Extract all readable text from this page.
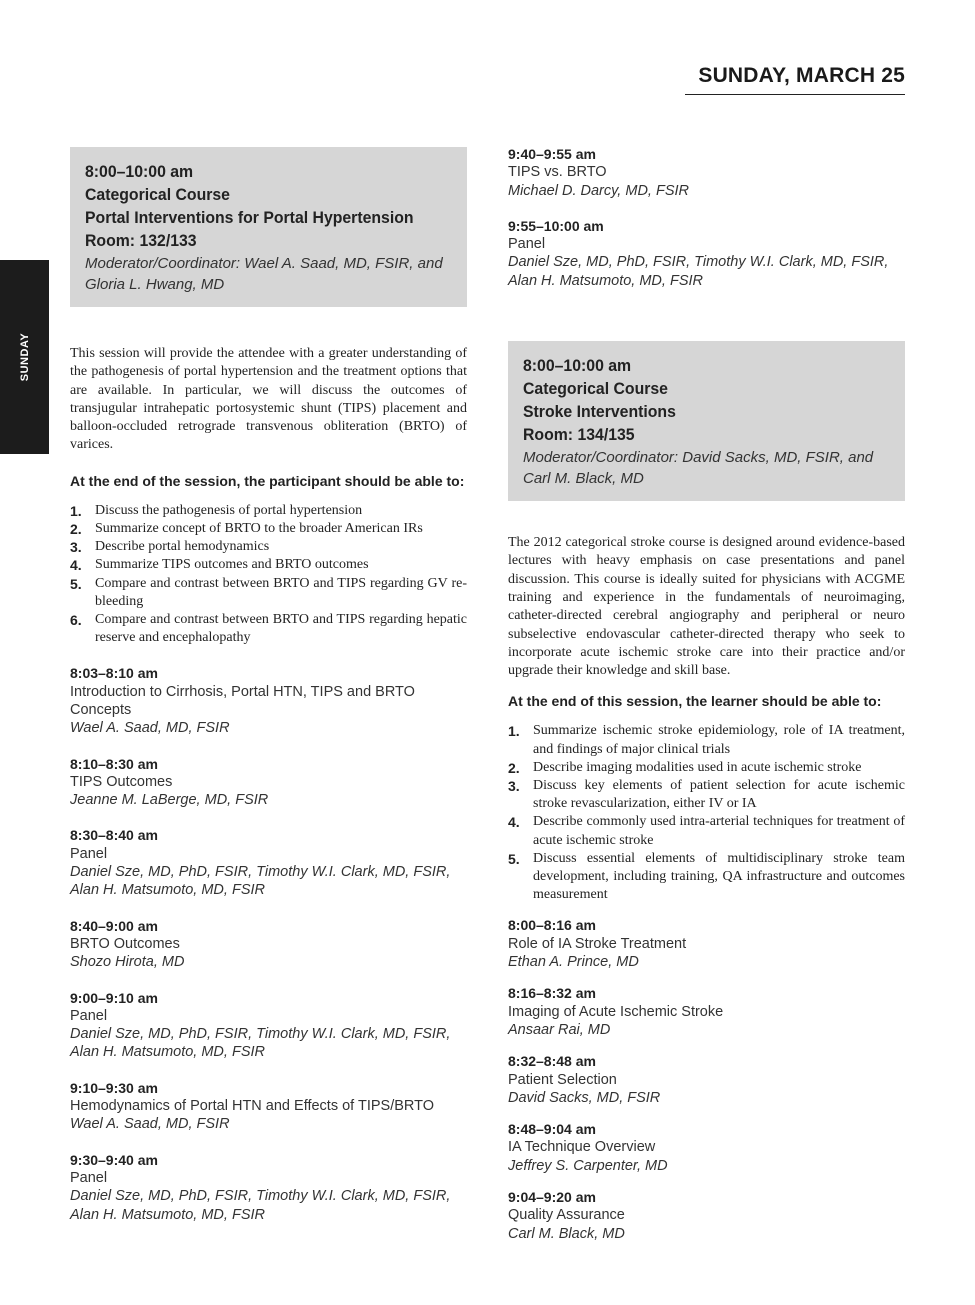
SUNDAY, MARCH 25
SUNDAY
8:00–10:00 am
Categorical Course
Portal Interventions for Portal Hypertension
Room: 132/133
Moderator/Coordinator: Wael A. Saad, MD, FSIR, and Gloria L. Hwang, MD
This session will provide the attendee with a greater understanding of the pathogenesis of portal hypertension and the treatment options that are available. In particular, we will discuss the outcomes of transjugular intrahepatic portosystemic shunt (TIPS) placement and balloon-occluded retrograde transvenous obliteration (BRTO) of varices.
At the end of the session, the participant should be able to:
1. Discuss the pathogenesis of portal hypertension
2. Summarize concept of BRTO to the broader American IRs
3. Describe portal hemodynamics
4. Summarize TIPS outcomes and BRTO outcomes
5. Compare and contrast between BRTO and TIPS regarding GV re-bleeding
6. Compare and contrast between BRTO and TIPS regarding hepatic reserve and encephalopathy
8:03–8:10 am
Introduction to Cirrhosis, Portal HTN, TIPS and BRTO Concepts
Wael A. Saad, MD, FSIR
8:10–8:30 am
TIPS Outcomes
Jeanne M. LaBerge, MD, FSIR
8:30–8:40 am
Panel
Daniel Sze, MD, PhD, FSIR, Timothy W.I. Clark, MD, FSIR, Alan H. Matsumoto, MD, FSIR
8:40–9:00 am
BRTO Outcomes
Shozo Hirota, MD
9:00–9:10 am
Panel
Daniel Sze, MD, PhD, FSIR, Timothy W.I. Clark, MD, FSIR, Alan H. Matsumoto, MD, FSIR
9:10–9:30 am
Hemodynamics of Portal HTN and Effects of TIPS/BRTO
Wael A. Saad, MD, FSIR
9:30–9:40 am
Panel
Daniel Sze, MD, PhD, FSIR, Timothy W.I. Clark, MD, FSIR, Alan H. Matsumoto, MD, FSIR
9:40–9:55 am
TIPS vs. BRTO
Michael D. Darcy, MD, FSIR
9:55–10:00 am
Panel
Daniel Sze, MD, PhD, FSIR, Timothy W.I. Clark, MD, FSIR, Alan H. Matsumoto, MD, FSIR
8:00–10:00 am
Categorical Course
Stroke Interventions
Room: 134/135
Moderator/Coordinator: David Sacks, MD, FSIR, and Carl M. Black, MD
The 2012 categorical stroke course is designed around evidence-based lectures with heavy emphasis on case presentations and panel discussion. This course is ideally suited for physicians with ACGME training and experience in the fundamentals of neuroimaging, catheter-directed cerebral angiography and peripheral or neuro subselective endovascular catheter-directed therapy who seek to incorporate acute ischemic stroke care into their practice and/or upgrade their knowledge and skill base.
At the end of this session, the learner should be able to:
1. Summarize ischemic stroke epidemiology, role of IA treatment, and findings of major clinical trials
2. Describe imaging modalities used in acute ischemic stroke
3. Discuss key elements of patient selection for acute ischemic stroke revascularization, either IV or IA
4. Describe commonly used intra-arterial techniques for treatment of acute ischemic stroke
5. Discuss essential elements of multidisciplinary stroke team development, including training, QA infrastructure and outcomes measurement
8:00–8:16 am
Role of IA Stroke Treatment
Ethan A. Prince, MD
8:16–8:32 am
Imaging of Acute Ischemic Stroke
Ansaar Rai, MD
8:32–8:48 am
Patient Selection
David Sacks, MD, FSIR
8:48–9:04 am
IA Technique Overview
Jeffrey S. Carpenter, MD
9:04–9:20 am
Quality Assurance
Carl M. Black, MD
